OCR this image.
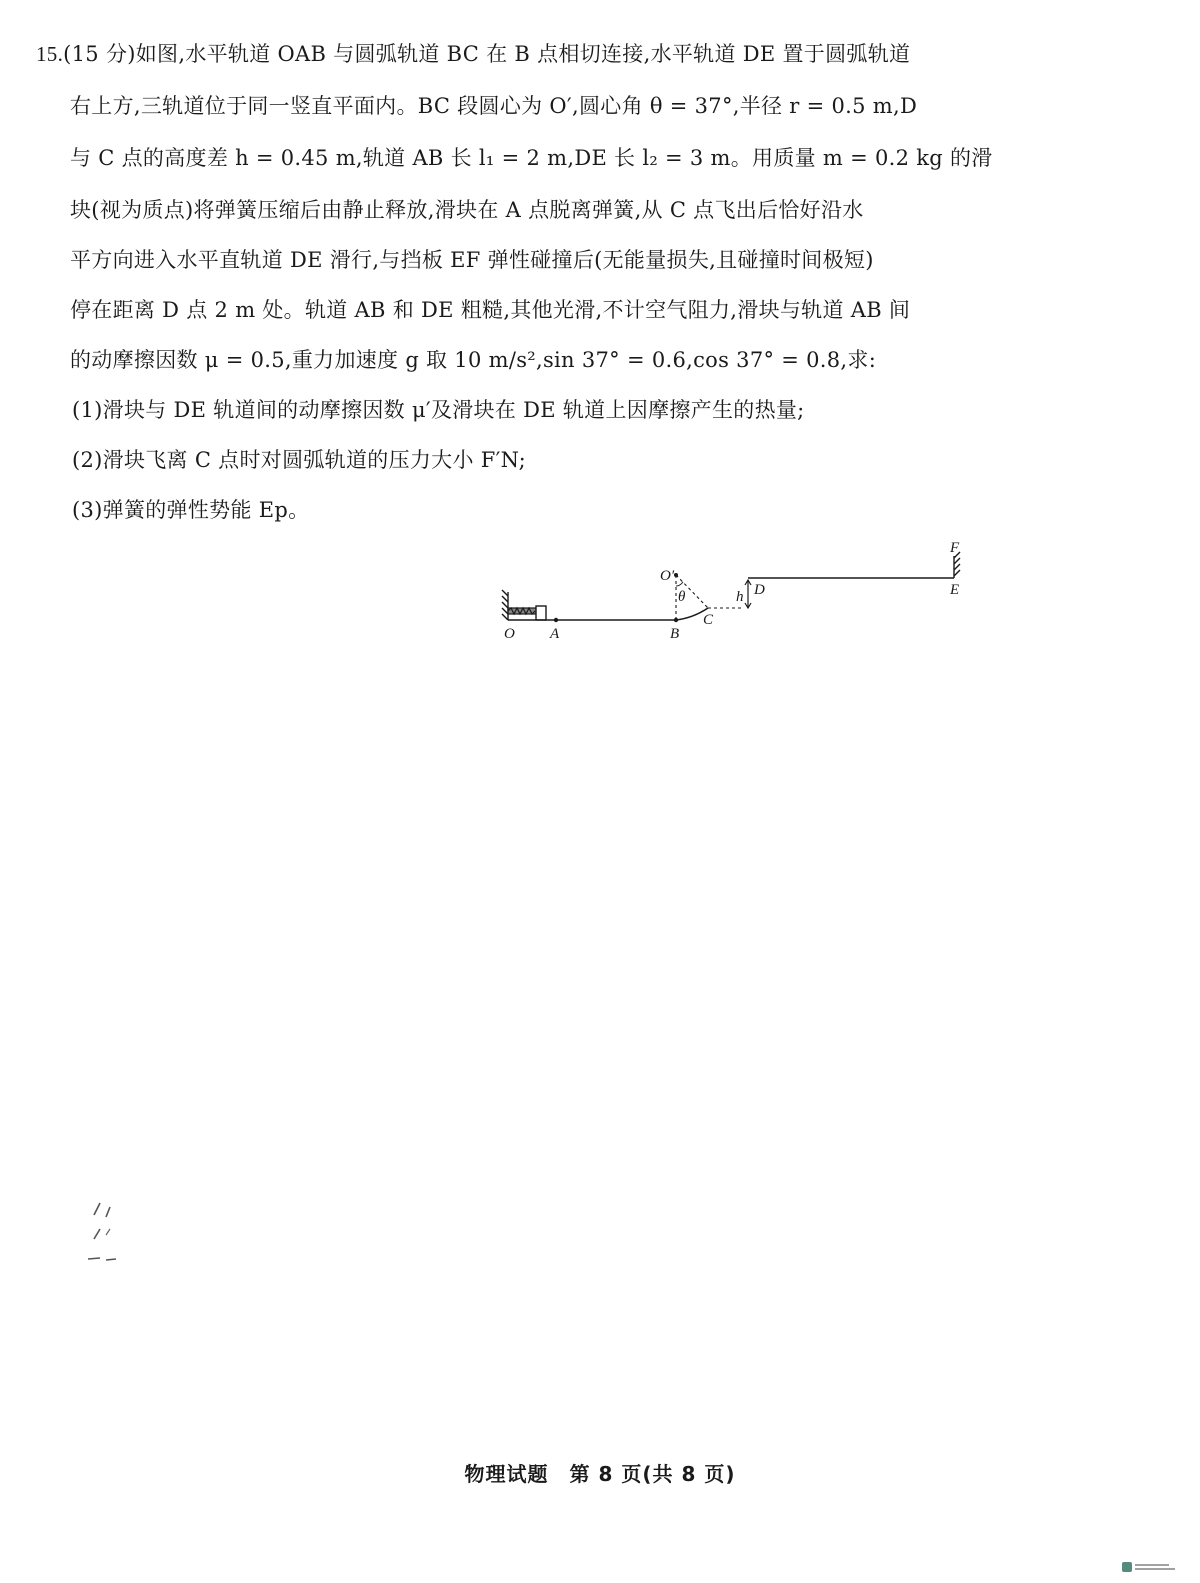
15.(15 分)如图,水平轨道 OAB 与圆弧轨道 BC 在 B 点相切连接,水平轨道 DE 置于圆弧轨道
右上方,三轨道位于同一竖直平面内。BC 段圆心为 O′,圆心角 θ = 37°,半径 r = 0.5 m,D
与 C 点的高度差 h = 0.45 m,轨道 AB 长 l₁ = 2 m,DE 长 l₂ = 3 m。用质量 m = 0.2 kg 的滑
块(视为质点)将弹簧压缩后由静止释放,滑块在 A 点脱离弹簧,从 C 点飞出后恰好沿水
平方向进入水平直轨道 DE 滑行,与挡板 EF 弹性碰撞后(无能量损失,且碰撞时间极短)
停在距离 D 点 2 m 处。轨道 AB 和 DE 粗糙,其他光滑,不计空气阻力,滑块与轨道 AB 间
的动摩擦因数 μ = 0.5,重力加速度 g 取 10 m/s²,sin 37° = 0.6,cos 37° = 0.8,求:
(1)滑块与 DE 轨道间的动摩擦因数 μ′及滑块在 DE 轨道上因摩擦产生的热量;
(2)滑块飞离 C 点时对圆弧轨道的压力大小 F′N;
(3)弹簧的弹性势能 Ep。
O A	B
C
O′
θ	h D	E
F
物理试题　第 8 页(共 8 页)
